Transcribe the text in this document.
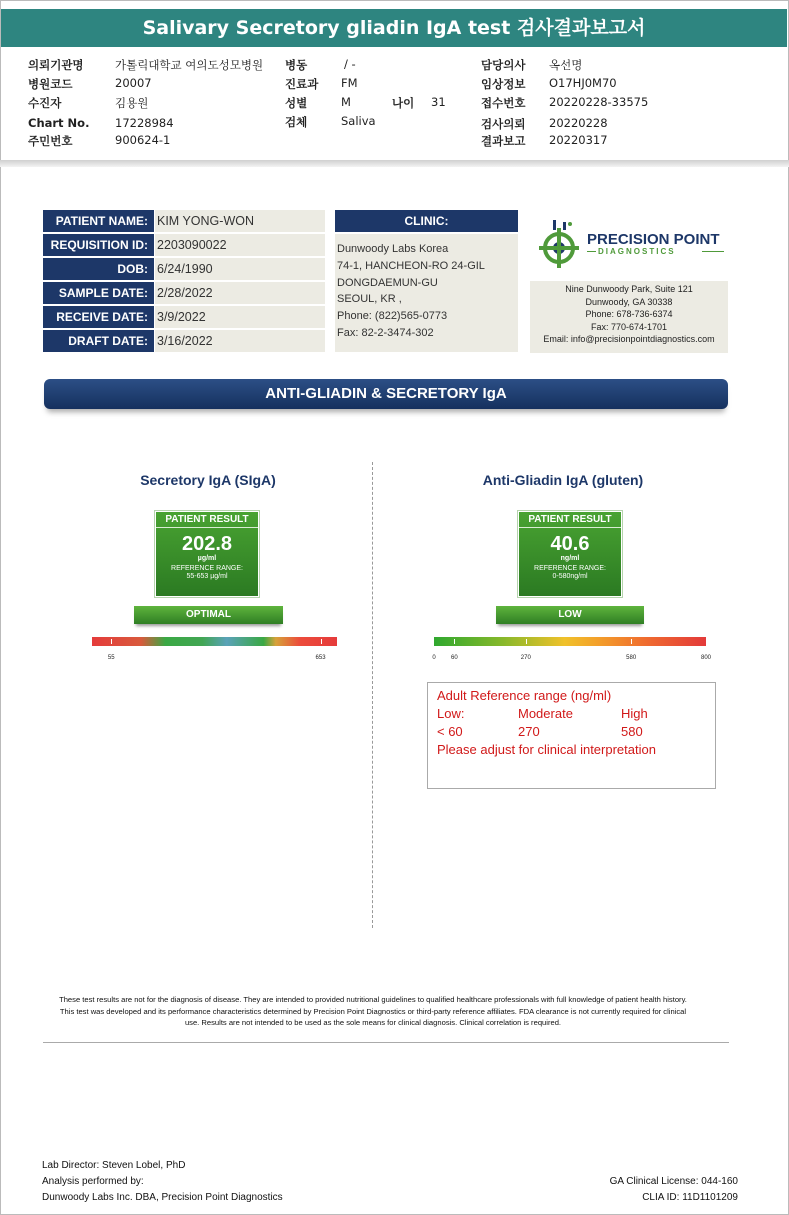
Salivary Secretory gliadin IgA test 검사결과보고서
의뢰기관명	가톨릭대학교 여의도성모병원
병원코드	20007
수진자	김용원
Chart No. 17228984
주민번호	900624-1
병동	/ -
진료과 FM
성별	M	나이 31
검체	Saliva
담당의사 옥선명
임상정보 O17HJ0M70
접수번호 20220228-33575
검사의뢰 20220228
결과보고 20220317
PATIENT NAME: KIM YONG-WON
REQUISITION ID: 2203090022
DOB: 6/24/1990
SAMPLE DATE: 2/28/2022
RECEIVE DATE: 3/9/2022
DRAFT DATE: 3/16/2022
CLINIC:
Dunwoody Labs Korea
74-1, HANCHEON-RO 24-GIL
DONGDAEMUN-GU
SEOUL, KR ,
Phone: (822)565-0773
Fax: 82-2-3474-302
PRECISION POINT
DIAGNOSTICS
Nine Dunwoody Park, Suite 121
Dunwoody, GA 30338
Phone: 678-736-6374
Fax: 770-674-1701
Email: info@precisionpointdiagnostics.com
ANTI-GLIADIN & SECRETORY IgA
Secretory IgA (SIgA)
PATIENT RESULT
202.8
µg/ml
REFERENCE RANGE:
55-653 µg/ml
OPTIMAL
Anti-Gliadin IgA (gluten)
PATIENT RESULT
40.6
ng/ml
REFERENCE RANGE:
0-580ng/ml
LOW
Adult Reference range (ng/ml)
Low:	Moderate	High
< 60	270	580
Please adjust for clinical interpretation
These test results are not for the diagnosis of disease. They are intended to provided nutritional guidelines to qualified healthcare professionals with full knowledge of patient health history. This test was developed and its performance characteristics determined by Precision Point Diagnostics or third-party reference affiliates. FDA clearance is not currently required for clinical use. Results are not intended to be used as the sole means for clinical diagnosis. Clinical correlation is required.
Lab Director: Steven Lobel, PhD
Analysis performed by:
Dunwoody Labs Inc. DBA, Precision Point Diagnostics
GA Clinical License: 044-160
CLIA ID: 11D1101209
55	653	0	60	270	580	800
